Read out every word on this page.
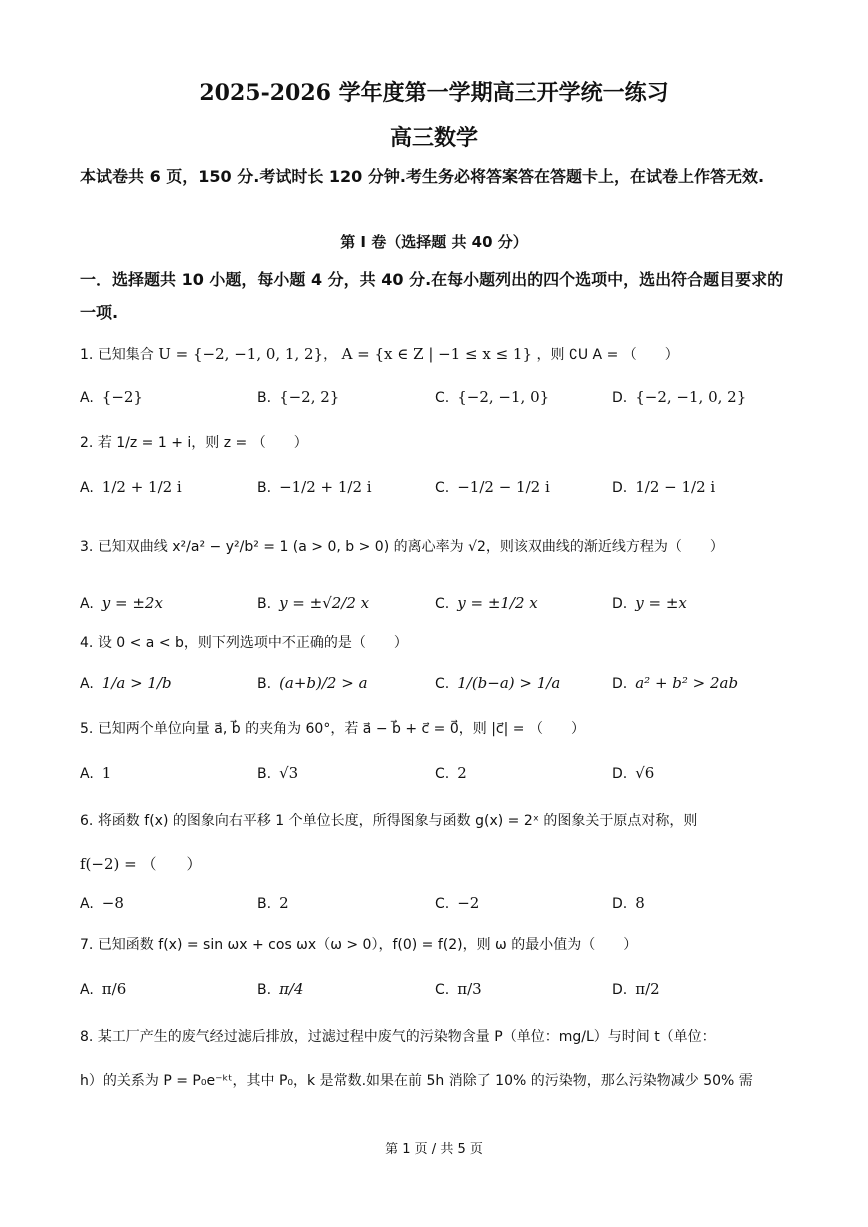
2025-2026 学年度第一学期高三开学统一练习
高三数学
本试卷共 6 页，150 分.考试时长 120 分钟.考生务必将答案答在答题卡上，在试卷上作答无效.
第 I 卷（选择题 共 40 分）
一．选择题共 10 小题，每小题 4 分，共 40 分.在每小题列出的四个选项中，选出符合题目要求的一项.
1. 已知集合 U = {−2, −1, 0, 1, 2}， A = {x ∈ Z | −1 ≤ x ≤ 1} ，则 ∁U A = （　　）
A. {−2}	B. {−2, 2}	C. {−2, −1, 0}	D. {−2, −1, 0, 2}
2. 若 1/z = 1 + i，则 z = （　　）
A. 1/2 + 1/2 i	B. −1/2 + 1/2 i	C. −1/2 − 1/2 i	D. 1/2 − 1/2 i
3. 已知双曲线 x²/a² − y²/b² = 1 (a > 0, b > 0) 的离心率为 √2，则该双曲线的渐近线方程为（　　）
A. y = ±2x	B. y = ±√2/2 x	C. y = ±1/2 x	D. y = ±x
4. 设 0 < a < b，则下列选项中不正确的是（　　）
A. 1/a > 1/b	B. (a+b)/2 > a	C. 1/(b−a) > 1/a	D. a² + b² > 2ab
5. 已知两个单位向量 a⃗, b⃗ 的夹角为 60°，若 a⃗ − b⃗ + c⃗ = 0⃗，则 |c⃗| = （　　）
A. 1	B. √3	C. 2	D. √6
6. 将函数 f(x) 的图象向右平移 1 个单位长度，所得图象与函数 g(x) = 2ˣ 的图象关于原点对称，则
f(−2) = （　　）
A. −8	B. 2	C. −2	D. 8
7. 已知函数 f(x) = sin ωx + cos ωx（ω > 0），f(0) = f(2)，则 ω 的最小值为（　　）
A. π/6	B. π/4	C. π/3	D. π/2
8. 某工厂产生的废气经过滤后排放，过滤过程中废气的污染物含量 P（单位：mg/L）与时间 t（单位：
h）的关系为 P = P₀e⁻ᵏᵗ，其中 P₀，k 是常数.如果在前 5h 消除了 10% 的污染物，那么污染物减少 50% 需
第 1 页 / 共 5 页
